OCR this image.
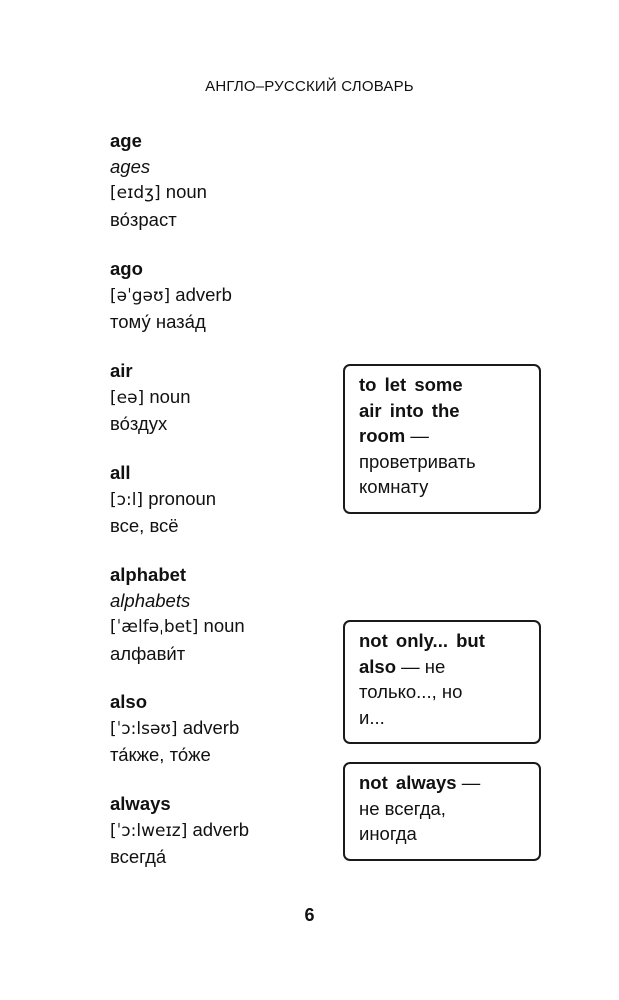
АНГЛО–РУССКИЙ СЛОВАРЬ
age
ages
[eɪdʒ] noun
во́зраст
ago
[əˈgəʊ] adverb
тому́ наза́д
air
[eə] noun
во́здух
all
[ɔ:l] pronoun
все, всё
alphabet
alphabets
[ˈælfəˌbet] noun
алфави́т
also
[ˈɔ:lsəʊ] adverb
та́кже, то́же
always
[ˈɔ:lweɪz] adverb
всегда́
to let some
air into the
room —
проветривать
комнату
not only... but
also — не
только..., но
и...
not always —
не всегда,
иногда
6
